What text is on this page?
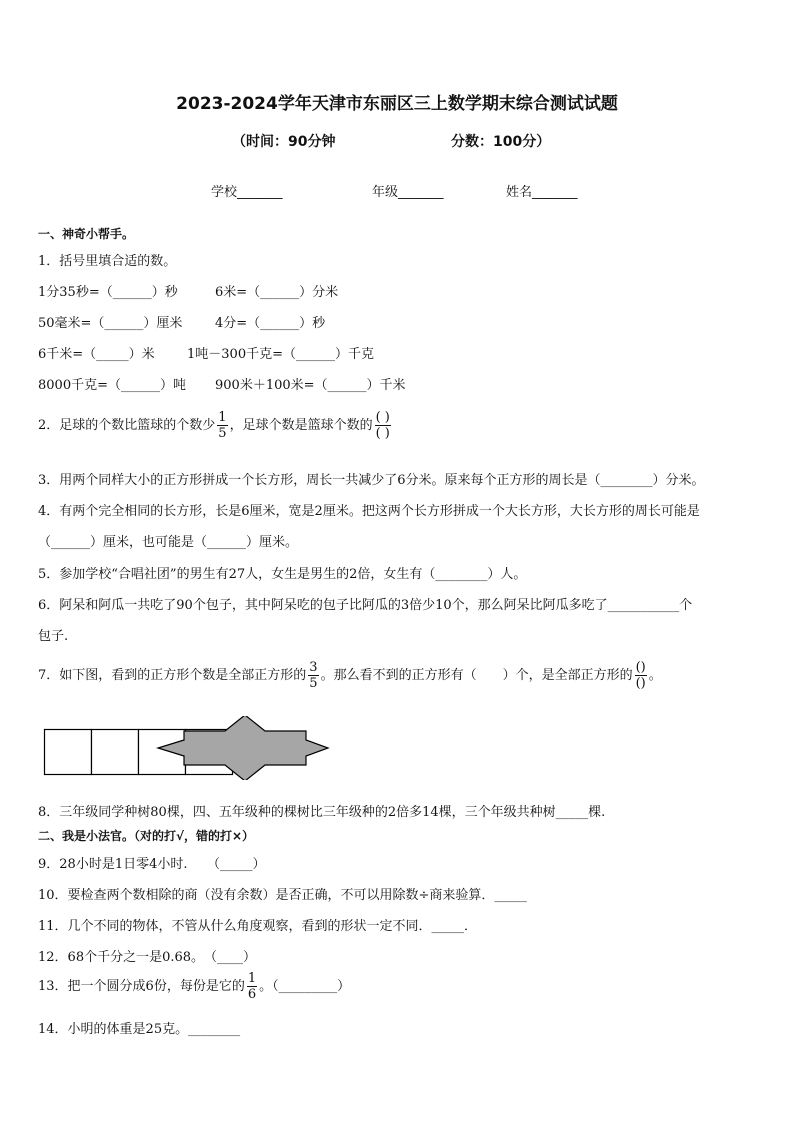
2023-2024学年天津市东丽区三上数学期末综合测试试题
（时间：90分钟	分数：100分）
学校_______	年级_______	姓名_______
一、神奇小帮手。
1．括号里填合适的数。
1分35秒=（______）秒	6米=（______）分米
50毫米=（______）厘米	4分=（______）秒
6千米=（_____）米 1吨－300千克=（______）千克
8000千克=（______）吨 900米＋100米=（______）千米
2．足球的个数比篮球的个数少 $\frac{1}{5}$ ，足球个数是篮球个数的 $\frac{( )}{( )}$
3．用两个同样大小的正方形拼成一个长方形，周长一共减少了6分米。原来每个正方形的周长是（________）分米。
4．有两个完全相同的长方形，长是6厘米，宽是2厘米。把这两个长方形拼成一个大长方形，大长方形的周长可能是
（______）厘米，也可能是（______）厘米。
5．参加学校“合唱社团”的男生有27人，女生是男生的2倍，女生有（________）人。
6．阿呆和阿瓜一共吃了90个包子，其中阿呆吃的包子比阿瓜的3倍少10个，那么阿呆比阿瓜多吃了___________个
包子.
7．如下图，看到的正方形个数是全部正方形的 $\frac{3}{5}$ 。那么看不到的正方形有（　　）个，是全部正方形的 $\frac{()}{()}$ 。
8．三年级同学种树80棵，四、五年级种的棵树比三年级种的2倍多14棵，三个年级共种树_____棵.
二、我是小法官。（对的打√，错的打×）
9．28小时是1日零4小时.　　（_____）
10．要检查两个数相除的商（没有余数）是否正确，不可以用除数÷商来验算．_____
11．几个不同的物体，不管从什么角度观察，看到的形状一定不同．_____．
12．68个千分之一是0.68。　（____）
13．把一个圆分成6份，每份是它的 $\frac{1}{6}$ 。（_________）
14．小明的体重是25克。________
